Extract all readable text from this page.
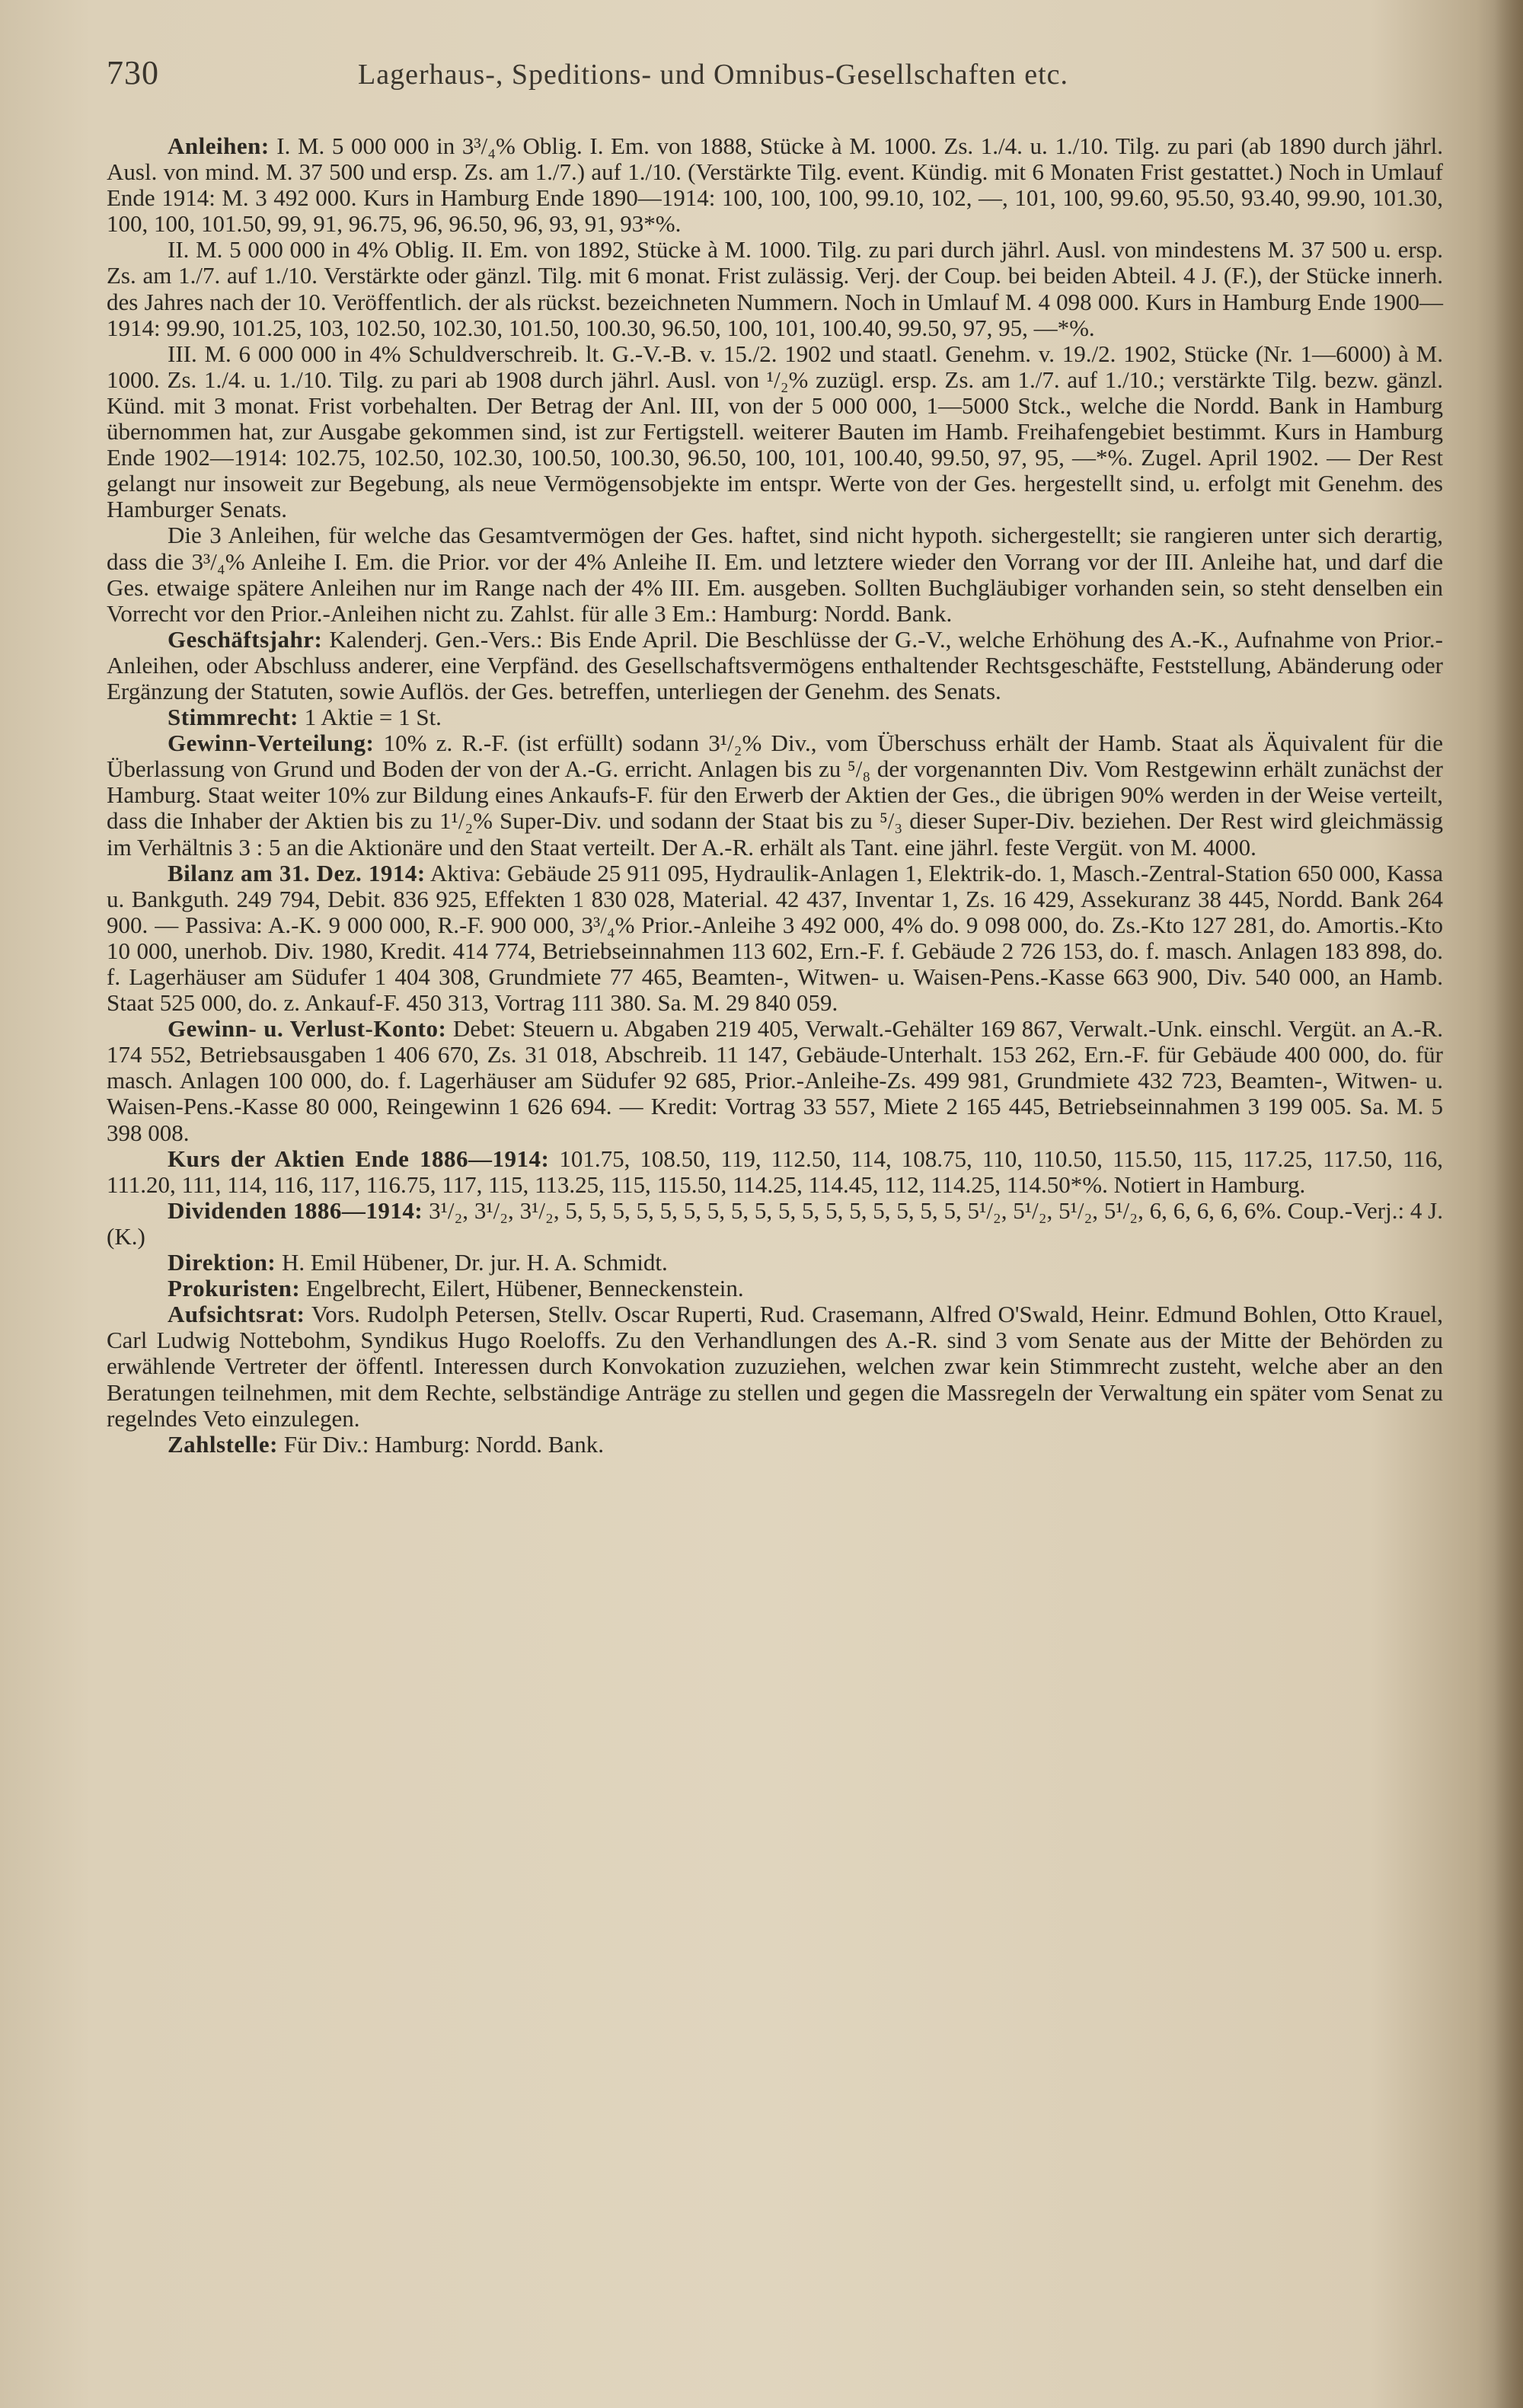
730	Lagerhaus-, Speditions- und Omnibus-Gesellschaften etc.

Anleihen: I. M. 5 000 000 in 3³/₄% Oblig. I. Em. von 1888, Stücke à M. 1000. Zs. 1./4. u. 1./10. Tilg. zu pari (ab 1890 durch jährl. Ausl. von mind. M. 37 500 und ersp. Zs. am 1./7.) auf 1./10. (Verstärkte Tilg. event. Kündig. mit 6 Monaten Frist gestattet.) Noch in Umlauf Ende 1914: M. 3 492 000. Kurs in Hamburg Ende 1890—1914: 100, 100, 100, 99.10, 102, —, 101, 100, 99.60, 95.50, 93.40, 99.90, 101.30, 100, 100, 101.50, 99, 91, 96.75, 96, 96.50, 96, 93, 91, 93*%.

II. M. 5 000 000 in 4% Oblig. II. Em. von 1892, Stücke à M. 1000. Tilg. zu pari durch jährl. Ausl. von mindestens M. 37 500 u. ersp. Zs. am 1./7. auf 1./10. Verstärkte oder gänzl. Tilg. mit 6 monat. Frist zulässig. Verj. der Coup. bei beiden Abteil. 4 J. (F.), der Stücke innerh. des Jahres nach der 10. Veröffentlich. der als rückst. bezeichneten Nummern. Noch in Umlauf M. 4 098 000. Kurs in Hamburg Ende 1900—1914: 99.90, 101.25, 103, 102.50, 102.30, 101.50, 100.30, 96.50, 100, 101, 100.40, 99.50, 97, 95, —*%.

III. M. 6 000 000 in 4% Schuldverschreib. lt. G.-V.-B. v. 15./2. 1902 und staatl. Genehm. v. 19./2. 1902, Stücke (Nr. 1—6000) à M. 1000. Zs. 1./4. u. 1./10. Tilg. zu pari ab 1908 durch jährl. Ausl. von ¹/₂% zuzügl. ersp. Zs. am 1./7. auf 1./10.; verstärkte Tilg. bezw. gänzl. Künd. mit 3 monat. Frist vorbehalten. Der Betrag der Anl. III, von der 5 000 000, 1—5000 Stck., welche die Nordd. Bank in Hamburg übernommen hat, zur Ausgabe gekommen sind, ist zur Fertigstell. weiterer Bauten im Hamb. Freihafengebiet bestimmt. Kurs in Hamburg Ende 1902—1914: 102.75, 102.50, 102.30, 100.50, 100.30, 96.50, 100, 101, 100.40, 99.50, 97, 95, —*%. Zugel. April 1902. — Der Rest gelangt nur insoweit zur Begebung, als neue Vermögensobjekte im entspr. Werte von der Ges. hergestellt sind, u. erfolgt mit Genehm. des Hamburger Senats.

Die 3 Anleihen, für welche das Gesamtvermögen der Ges. haftet, sind nicht hypoth. sichergestellt; sie rangieren unter sich derartig, dass die 3³/₄% Anleihe I. Em. die Prior. vor der 4% Anleihe II. Em. und letztere wieder den Vorrang vor der III. Anleihe hat, und darf die Ges. etwaige spätere Anleihen nur im Range nach der 4% III. Em. ausgeben. Sollten Buchgläubiger vorhanden sein, so steht denselben ein Vorrecht vor den Prior.-Anleihen nicht zu. Zahlst. für alle 3 Em.: Hamburg: Nordd. Bank.

Geschäftsjahr: Kalenderj. Gen.-Vers.: Bis Ende April. Die Beschlüsse der G.-V., welche Erhöhung des A.-K., Aufnahme von Prior.-Anleihen, oder Abschluss anderer, eine Verpfänd. des Gesellschaftsvermögens enthaltender Rechtsgeschäfte, Feststellung, Abänderung oder Ergänzung der Statuten, sowie Auflös. der Ges. betreffen, unterliegen der Genehm. des Senats.

Stimmrecht: 1 Aktie = 1 St.

Gewinn-Verteilung: 10% z. R.-F. (ist erfüllt) sodann 3¹/₂% Div., vom Überschuss erhält der Hamb. Staat als Äquivalent für die Überlassung von Grund und Boden der von der A.-G. erricht. Anlagen bis zu ⁵/₈ der vorgenannten Div. Vom Restgewinn erhält zunächst der Hamburg. Staat weiter 10% zur Bildung eines Ankaufs-F. für den Erwerb der Aktien der Ges., die übrigen 90% werden in der Weise verteilt, dass die Inhaber der Aktien bis zu 1¹/₂% Super-Div. und sodann der Staat bis zu ⁵/₃ dieser Super-Div. beziehen. Der Rest wird gleichmässig im Verhältnis 3 : 5 an die Aktionäre und den Staat verteilt. Der A.-R. erhält als Tant. eine jährl. feste Vergüt. von M. 4000.

Bilanz am 31. Dez. 1914: Aktiva: Gebäude 25 911 095, Hydraulik-Anlagen 1, Elektrik-do. 1, Masch.-Zentral-Station 650 000, Kassa u. Bankguth. 249 794, Debit. 836 925, Effekten 1 830 028, Material. 42 437, Inventar 1, Zs. 16 429, Assekuranz 38 445, Nordd. Bank 264 900. — Passiva: A.-K. 9 000 000, R.-F. 900 000, 3³/₄% Prior.-Anleihe 3 492 000, 4% do. 9 098 000, do. Zs.-Kto 127 281, do. Amortis.-Kto 10 000, unerhob. Div. 1980, Kredit. 414 774, Betriebseinnahmen 113 602, Ern.-F. f. Gebäude 2 726 153, do. f. masch. Anlagen 183 898, do. f. Lagerhäuser am Südufer 1 404 308, Grundmiete 77 465, Beamten-, Witwen- u. Waisen-Pens.-Kasse 663 900, Div. 540 000, an Hamb. Staat 525 000, do. z. Ankauf-F. 450 313, Vortrag 111 380. Sa. M. 29 840 059.

Gewinn- u. Verlust-Konto: Debet: Steuern u. Abgaben 219 405, Verwalt.-Gehälter 169 867, Verwalt.-Unk. einschl. Vergüt. an A.-R. 174 552, Betriebsausgaben 1 406 670, Zs. 31 018, Abschreib. 11 147, Gebäude-Unterhalt. 153 262, Ern.-F. für Gebäude 400 000, do. für masch. Anlagen 100 000, do. f. Lagerhäuser am Südufer 92 685, Prior.-Anleihe-Zs. 499 981, Grundmiete 432 723, Beamten-, Witwen- u. Waisen-Pens.-Kasse 80 000, Reingewinn 1 626 694. — Kredit: Vortrag 33 557, Miete 2 165 445, Betriebseinnahmen 3 199 005. Sa. M. 5 398 008.

Kurs der Aktien Ende 1886—1914: 101.75, 108.50, 119, 112.50, 114, 108.75, 110, 110.50, 115.50, 115, 117.25, 117.50, 116, 111.20, 111, 114, 116, 117, 116.75, 117, 115, 113.25, 115, 115.50, 114.25, 114.45, 112, 114.25, 114.50*%. Notiert in Hamburg.

Dividenden 1886—1914: 3¹/₂, 3¹/₂, 3¹/₂, 5, 5, 5, 5, 5, 5, 5, 5, 5, 5, 5, 5, 5, 5, 5, 5, 5, 5¹/₂, 5¹/₂, 5¹/₂, 5¹/₂, 6, 6, 6, 6, 6%. Coup.-Verj.: 4 J. (K.)

Direktion: H. Emil Hübener, Dr. jur. H. A. Schmidt.

Prokuristen: Engelbrecht, Eilert, Hübener, Benneckenstein.

Aufsichtsrat: Vors. Rudolph Petersen, Stellv. Oscar Ruperti, Rud. Crasemann, Alfred O'Swald, Heinr. Edmund Bohlen, Otto Krauel, Carl Ludwig Nottebohm, Syndikus Hugo Roeloffs. Zu den Verhandlungen des A.-R. sind 3 vom Senate aus der Mitte der Behörden zu erwählende Vertreter der öffentl. Interessen durch Konvokation zuzuziehen, welchen zwar kein Stimmrecht zusteht, welche aber an den Beratungen teilnehmen, mit dem Rechte, selbständige Anträge zu stellen und gegen die Massregeln der Verwaltung ein später vom Senat zu regelndes Veto einzulegen.

Zahlstelle: Für Div.: Hamburg: Nordd. Bank.
